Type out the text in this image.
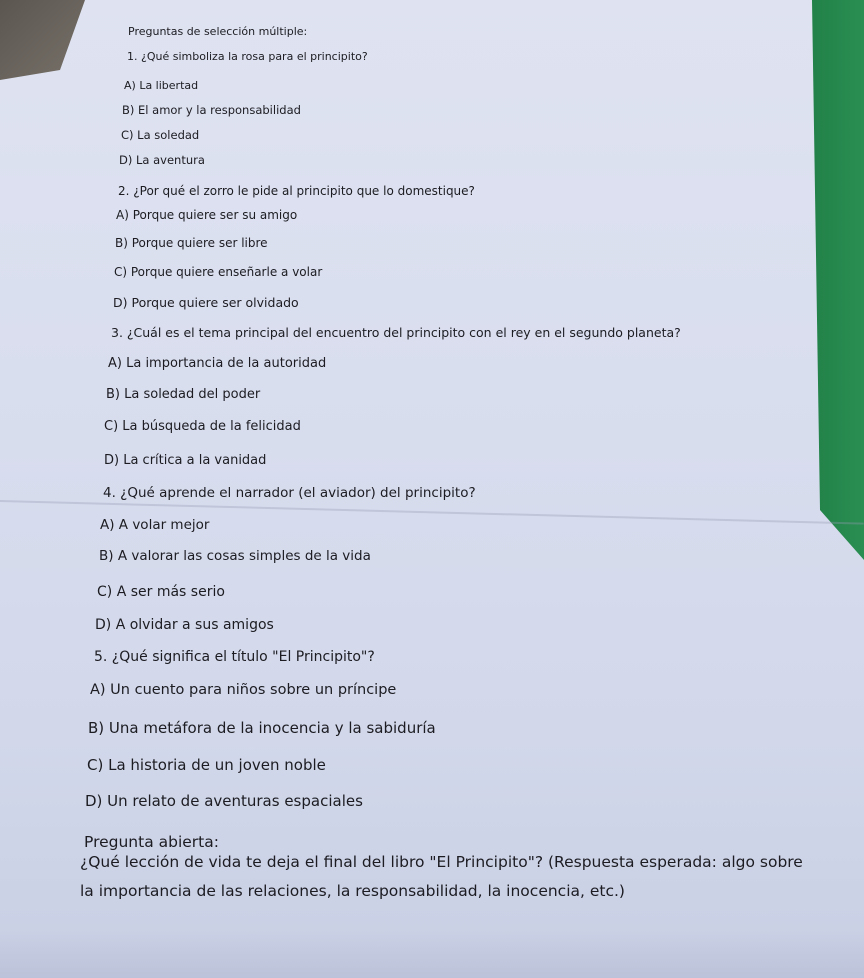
Preguntas de selección múltiple:
1. ¿Qué simboliza la rosa para el principito?
A) La libertad
B) El amor y la responsabilidad
C) La soledad
D) La aventura
2. ¿Por qué el zorro le pide al principito que lo domestique?
A) Porque quiere ser su amigo
B) Porque quiere ser libre
C) Porque quiere enseñarle a volar
D) Porque quiere ser olvidado
3. ¿Cuál es el tema principal del encuentro del principito con el rey en el segundo planeta?
A) La importancia de la autoridad
B) La soledad del poder
C) La búsqueda de la felicidad
D) La crítica a la vanidad
4. ¿Qué aprende el narrador (el aviador) del principito?
A) A volar mejor
B) A valorar las cosas simples de la vida
C) A ser más serio
D) A olvidar a sus amigos
5. ¿Qué significa el título "El Principito"?
A) Un cuento para niños sobre un príncipe
B) Una metáfora de la inocencia y la sabiduría
C) La historia de un joven noble
D) Un relato de aventuras espaciales
Pregunta abierta:
¿Qué lección de vida te deja el final del libro "El Principito"? (Respuesta esperada: algo sobre
la importancia de las relaciones, la responsabilidad, la inocencia, etc.)
